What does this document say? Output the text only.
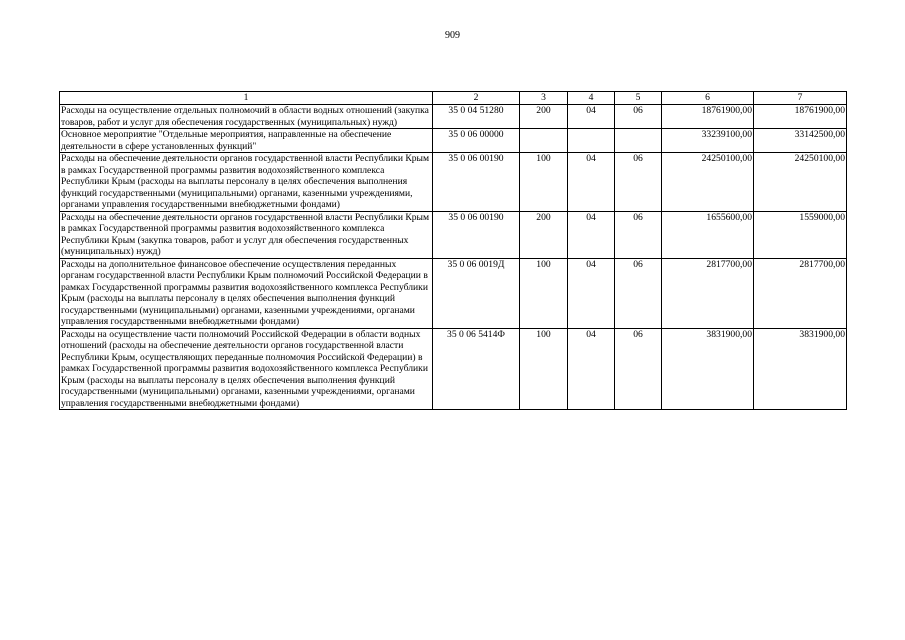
909
1	2	3	4	5	6	7
Расходы на осуществление отдельных полномочий в области водных отношений (закупка товаров, работ и услуг для обеспечения государственных (муниципальных) нужд)	35 0 04 51280	200	04	06	18761900,00	18761900,00
Основное мероприятие "Отдельные мероприятия, направленные на обеспечение деятельности в сфере установленных функций"	35 0 06 00000				33239100,00	33142500,00
Расходы на обеспечение деятельности органов государственной власти Республики Крым в рамках Государственной программы развития водохозяйственного комплекса Республики Крым (расходы на выплаты персоналу в целях обеспечения выполнения функций государственными (муниципальными) органами, казенными учреждениями, органами управления государственными внебюджетными фондами)	35 0 06 00190	100	04	06	24250100,00	24250100,00
Расходы на обеспечение деятельности органов государственной власти Республики Крым в рамках Государственной программы развития водохозяйственного комплекса Республики Крым (закупка товаров, работ и услуг для обеспечения государственных (муниципальных) нужд)	35 0 06 00190	200	04	06	1655600,00	1559000,00
Расходы на дополнительное финансовое обеспечение осуществления переданных органам государственной власти Республики Крым полномочий Российской Федерации в рамках Государственной программы развития водохозяйственного комплекса Республики Крым (расходы на выплаты персоналу в целях обеспечения выполнения функций государственными (муниципальными) органами, казенными учреждениями, органами управления государственными внебюджетными фондами)	35 0 06 0019Д	100	04	06	2817700,00	2817700,00
Расходы на осуществление части полномочий Российской Федерации в области водных отношений (расходы на обеспечение деятельности органов государственной власти Республики Крым, осуществляющих переданные полномочия Российской Федерации) в рамках Государственной программы развития водохозяйственного комплекса Республики Крым (расходы на выплаты персоналу в целях обеспечения выполнения функций государственными (муниципальными) органами, казенными учреждениями, органами управления государственными внебюджетными фондами)	35 0 06 5414Ф	100	04	06	3831900,00	3831900,00
